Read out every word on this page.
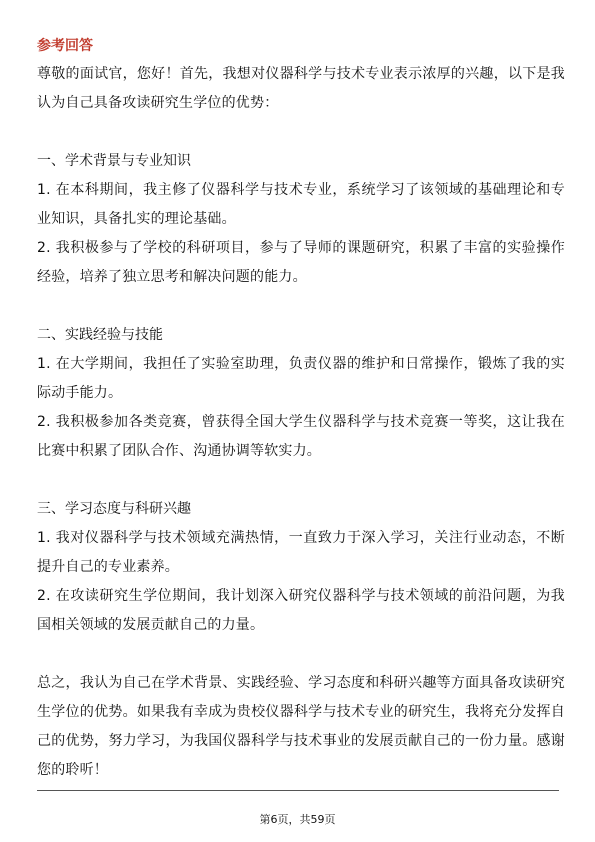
参考回答

尊敬的面试官，您好！首先，我想对仪器科学与技术专业表示浓厚的兴趣，以下是我认为自己具备攻读研究生学位的优势：

一、学术背景与专业知识

1. 在本科期间，我主修了仪器科学与技术专业，系统学习了该领域的基础理论和专业知识，具备扎实的理论基础。

2. 我积极参与了学校的科研项目，参与了导师的课题研究，积累了丰富的实验操作经验，培养了独立思考和解决问题的能力。

二、实践经验与技能

1. 在大学期间，我担任了实验室助理，负责仪器的维护和日常操作，锻炼了我的实际动手能力。

2. 我积极参加各类竞赛，曾获得全国大学生仪器科学与技术竞赛一等奖，这让我在比赛中积累了团队合作、沟通协调等软实力。

三、学习态度与科研兴趣

1. 我对仪器科学与技术领域充满热情，一直致力于深入学习，关注行业动态，不断提升自己的专业素养。

2. 在攻读研究生学位期间，我计划深入研究仪器科学与技术领域的前沿问题，为我国相关领域的发展贡献自己的力量。

总之，我认为自己在学术背景、实践经验、学习态度和科研兴趣等方面具备攻读研究生学位的优势。如果我有幸成为贵校仪器科学与技术专业的研究生，我将充分发挥自己的优势，努力学习，为我国仪器科学与技术事业的发展贡献自己的一份力量。感谢您的聆听！

第6页，共59页
